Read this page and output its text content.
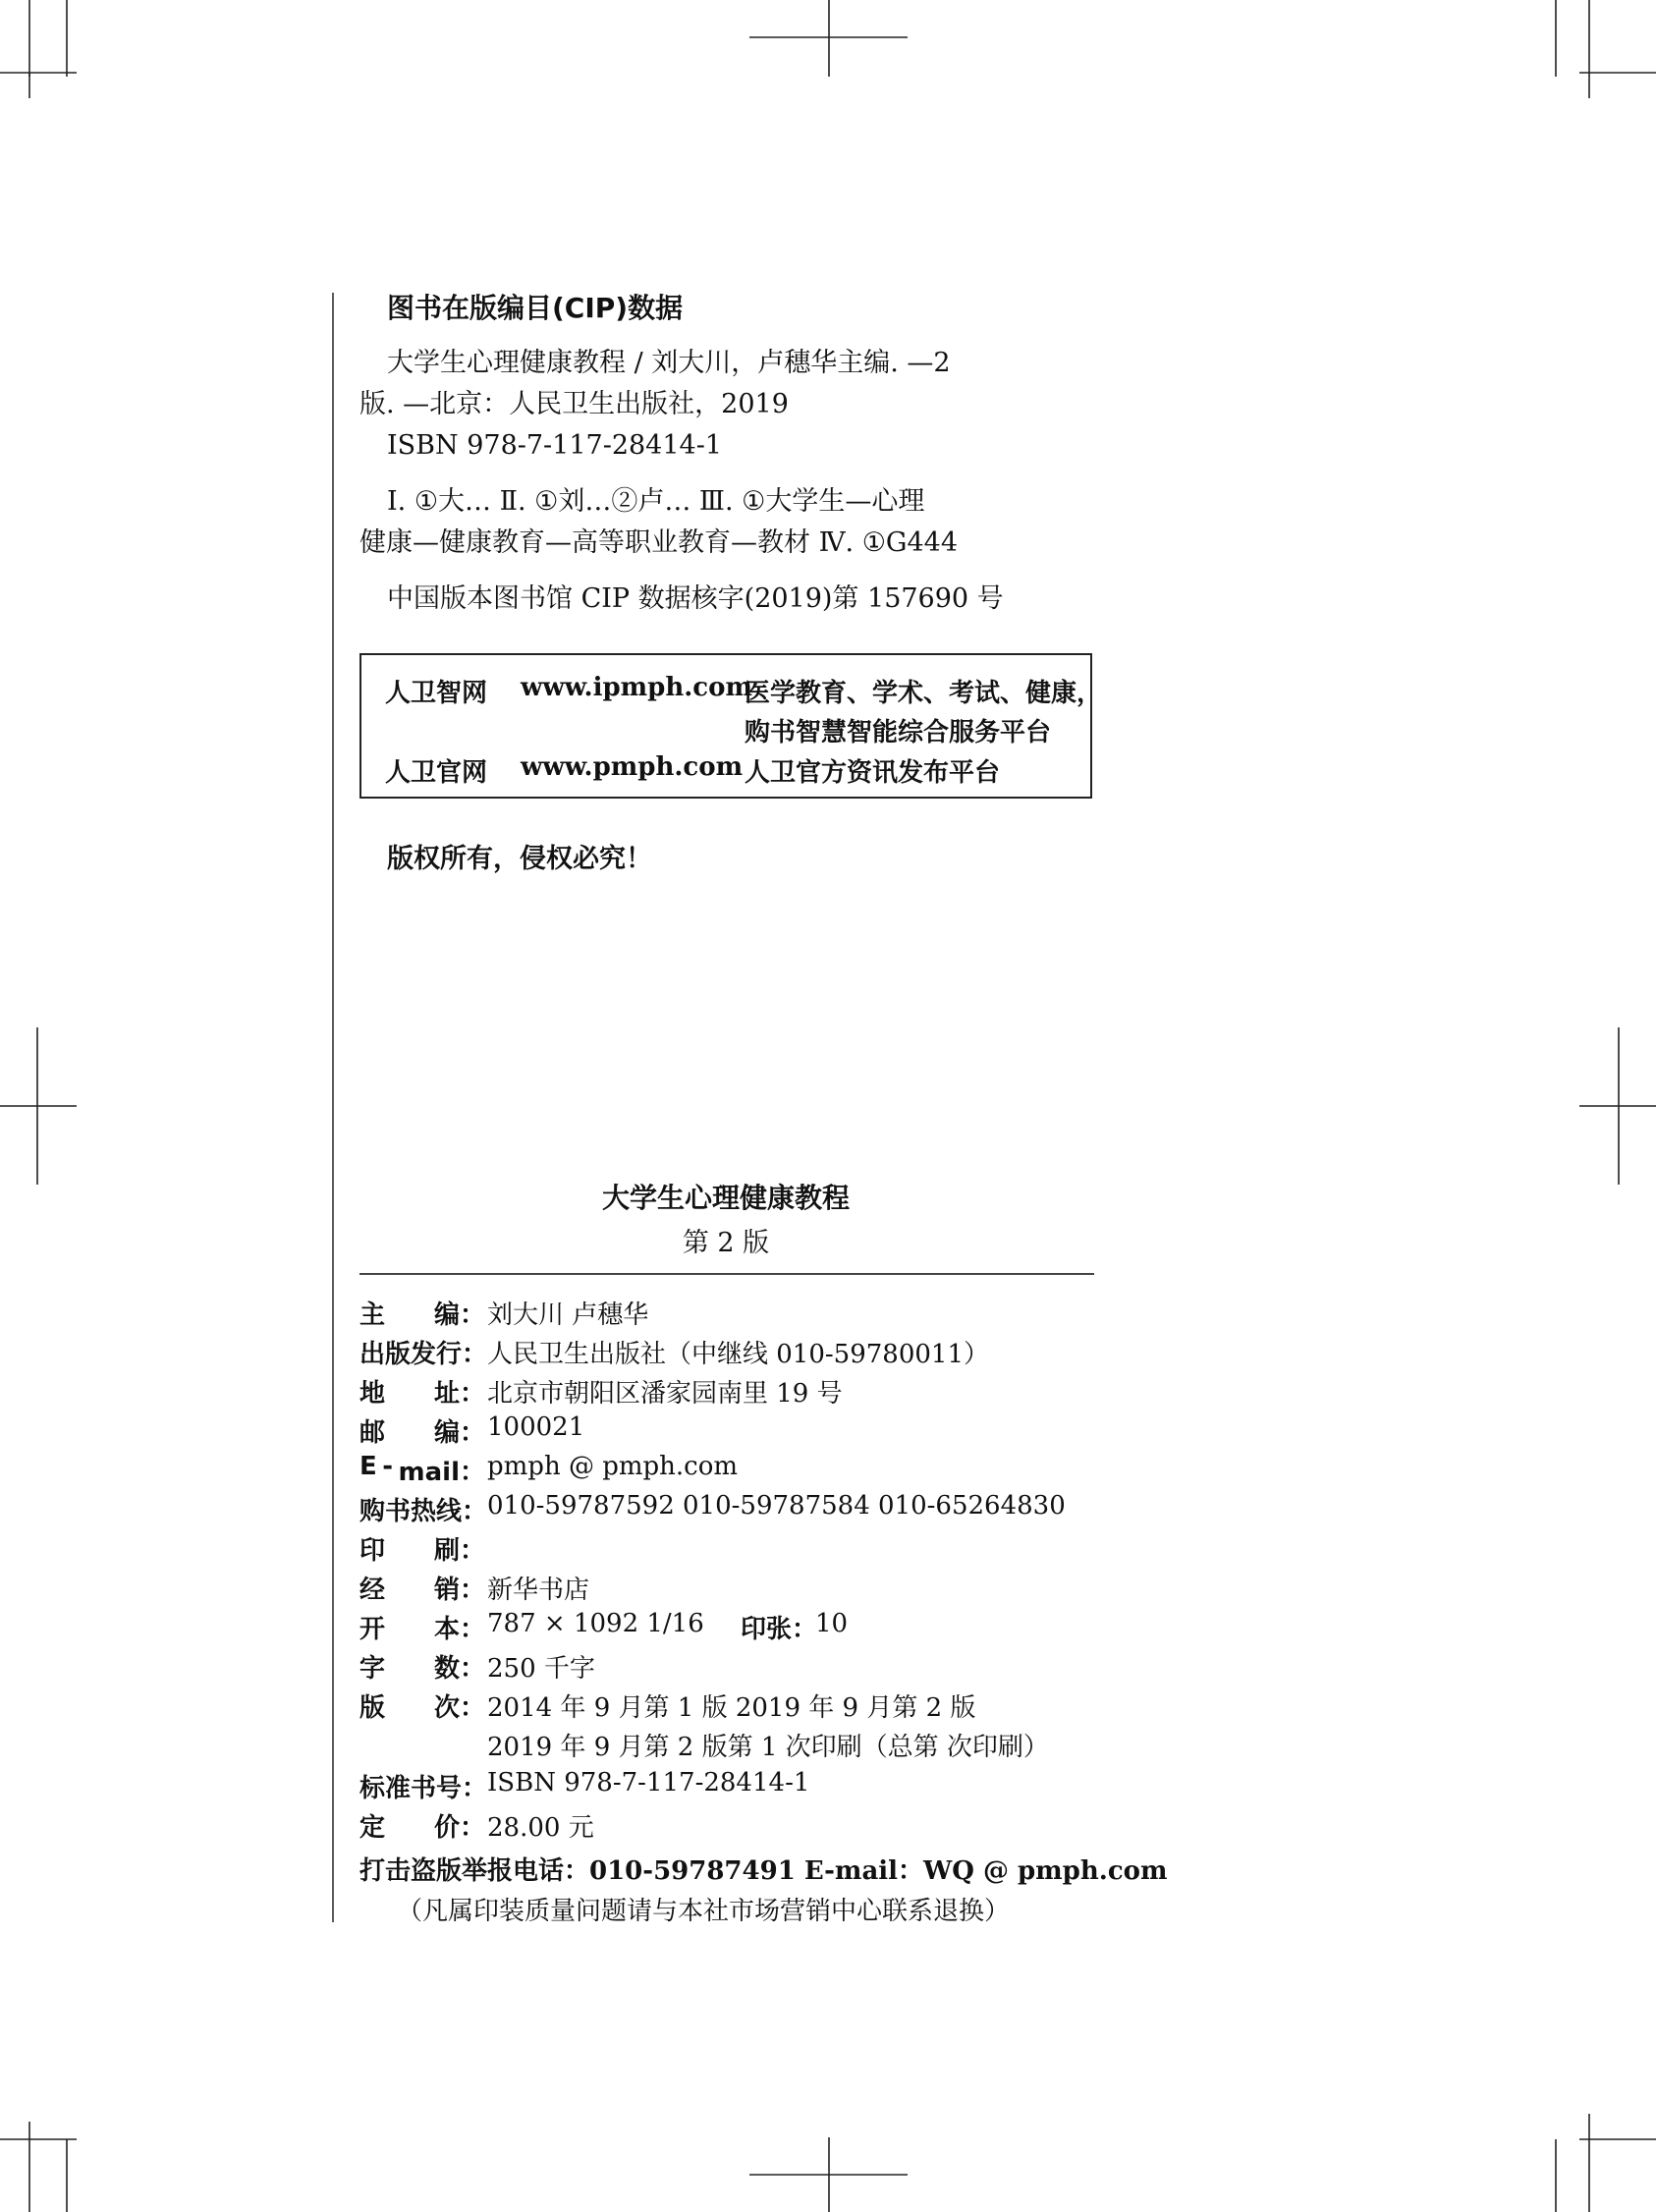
图书在版编目(CIP)数据
大学生心理健康教程 / 刘大川，卢穗华主编. —2
版. —北京：人民卫生出版社，2019
ISBN 978-7-117-28414-1
Ⅰ. ①大… Ⅱ. ①刘…②卢… Ⅲ. ①大学生—心理
健康—健康教育—高等职业教育—教材 Ⅳ. ①G444
中国版本图书馆 CIP 数据核字(2019)第 157690 号
人卫智网 www.ipmph.com
医学教育、学术、考试、健康，
购书智慧智能综合服务平台
人卫官网 www.pmph.com 人卫官方资讯发布平台
版权所有，侵权必究！
大学生心理健康教程
第 2 版
主 编： 刘大川 卢穗华
出版发行： 人民卫生出版社（中继线 010-59780011）
地 址： 北京市朝阳区潘家园南里 19 号
邮 编： 100021
E - mail： pmph @ pmph.com
购书热线： 010-59787592 010-59787584 010-65264830
印 刷：
经 销： 新华书店
开 本： 787 × 1092 1/16 印张：
10
字 数： 250 千字
版 次： 2014 年 9 月第 1 版 2019 年 9 月第 2 版
2019 年 9 月第 2 版第 1 次印刷（总第 次印刷）
标准书号： ISBN 978-7-117-28414-1
定 价： 28.00 元
打击盗版举报电话：010-59787491 E-mail：WQ @ pmph.com
（凡属印装质量问题请与本社市场营销中心联系退换）
